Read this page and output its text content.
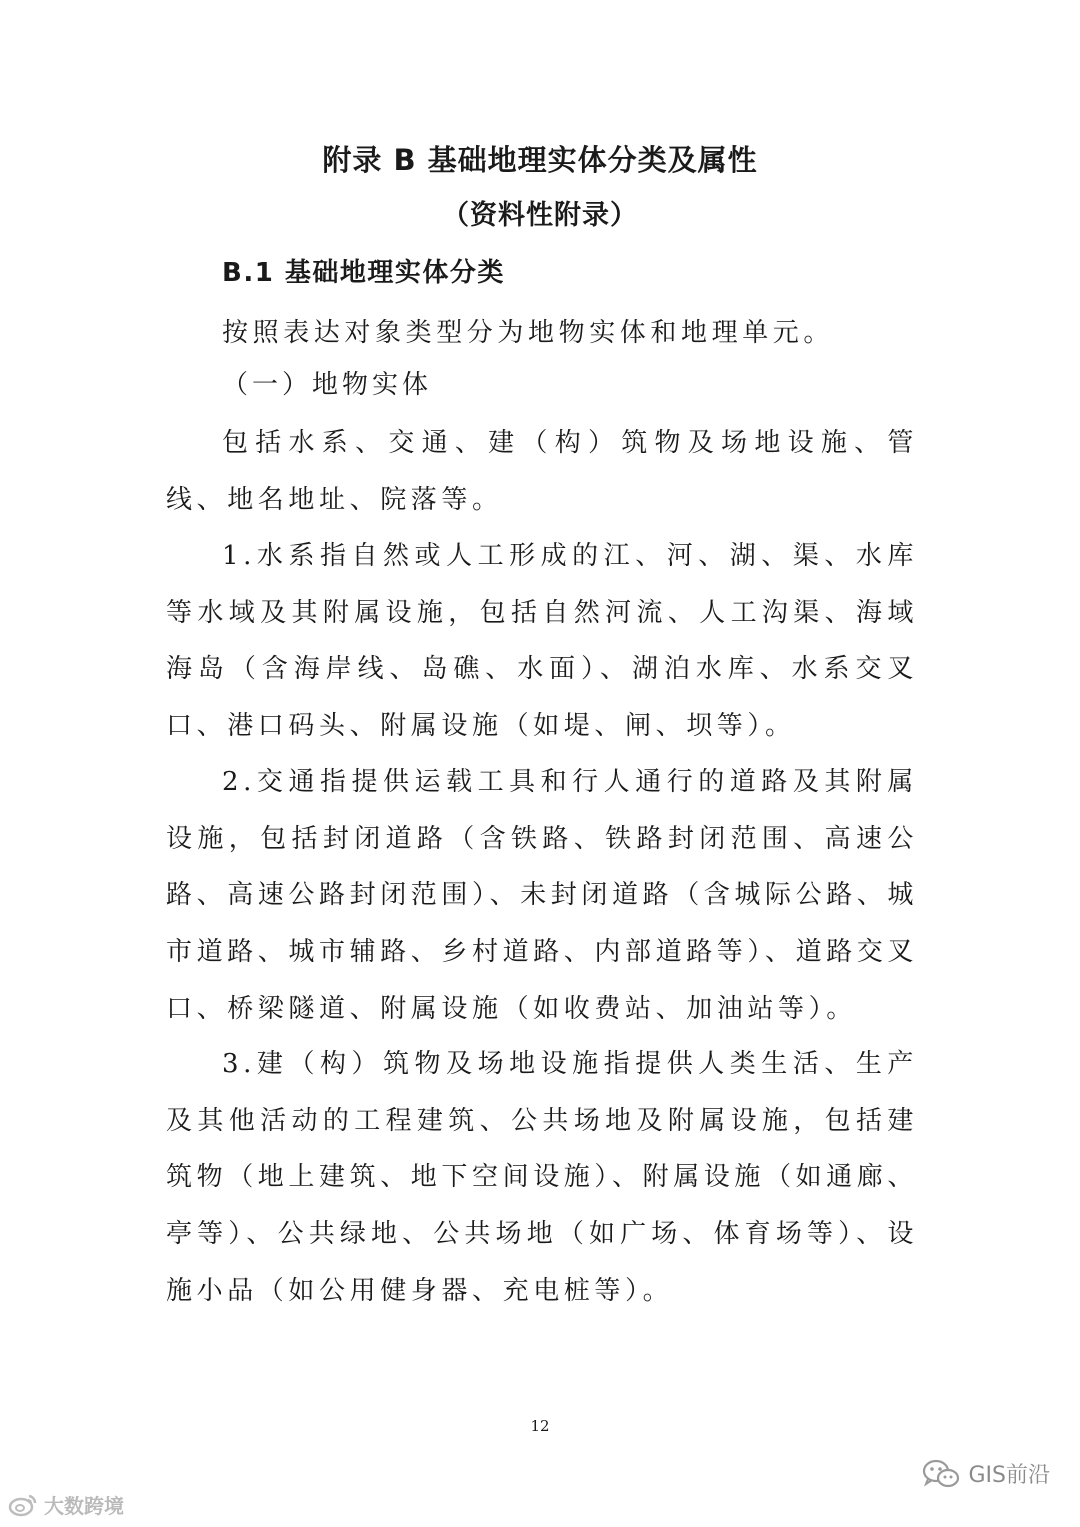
附录 B 基础地理实体分类及属性
（资料性附录）
B.1 基础地理实体分类

按照表达对象类型分为地物实体和地理单元。

（一）地物实体

包括水系、交通、建（构）筑物及场地设施、管线、地名地址、院落等。

1.水系指自然或人工形成的江、河、湖、渠、水库等水域及其附属设施，包括自然河流、人工沟渠、海域海岛（含海岸线、岛礁、水面）、湖泊水库、水系交叉口、港口码头、附属设施（如堤、闸、坝等）。

2.交通指提供运载工具和行人通行的道路及其附属设施，包括封闭道路（含铁路、铁路封闭范围、高速公路、高速公路封闭范围）、未封闭道路（含城际公路、城市道路、城市辅路、乡村道路、内部道路等）、道路交叉口、桥梁隧道、附属设施（如收费站、加油站等）。

3.建（构）筑物及场地设施指提供人类生活、生产及其他活动的工程建筑、公共场地及附属设施，包括建筑物（地上建筑、地下空间设施）、附属设施（如通廊、亭等）、公共绿地、公共场地（如广场、体育场等）、设施小品（如公用健身器、充电桩等）。

12
大数跨境
GIS前沿
